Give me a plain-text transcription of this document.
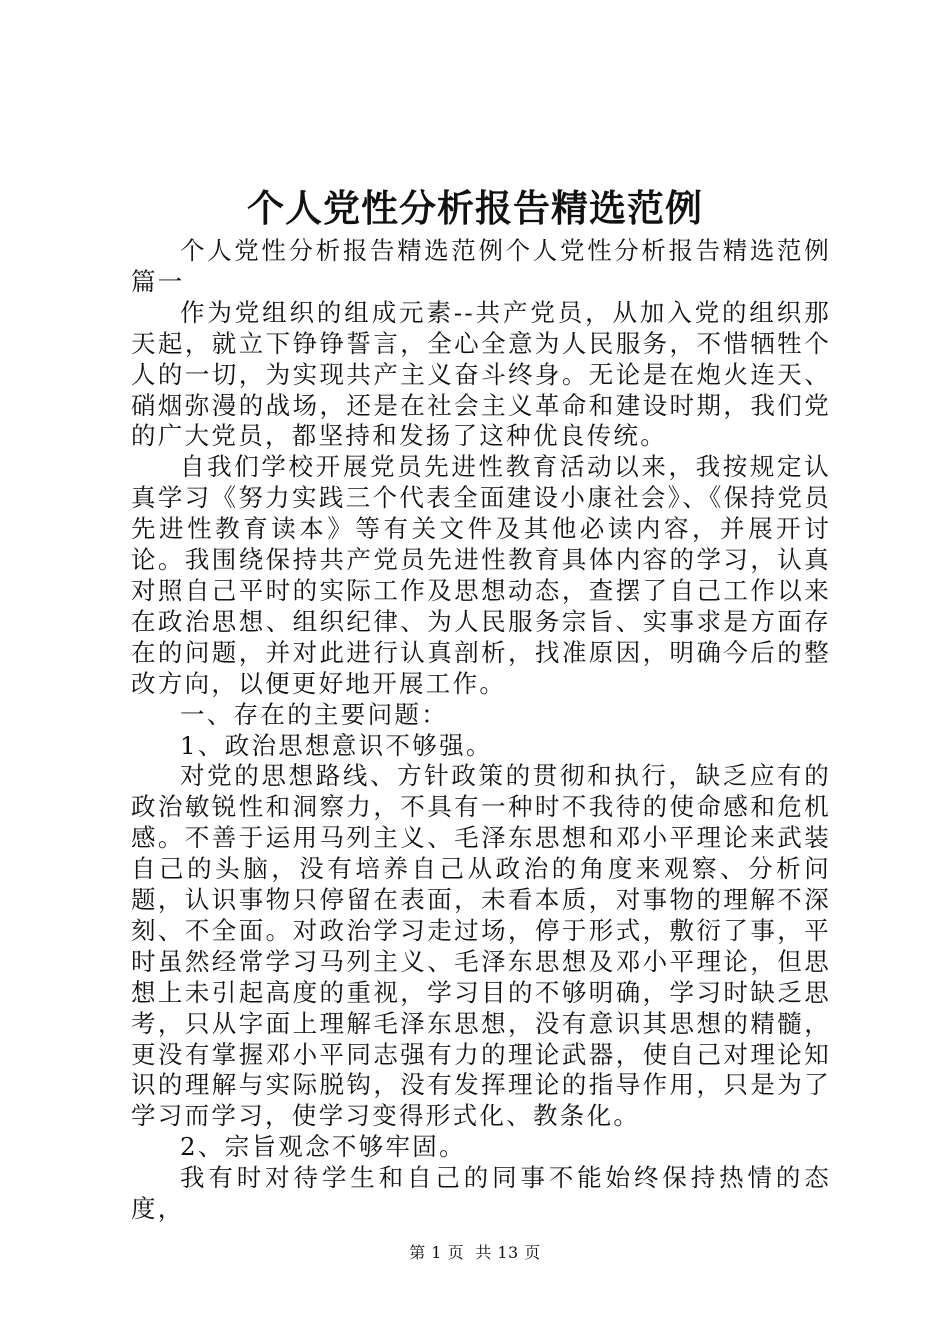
个人党性分析报告精选范例

个人党性分析报告精选范例个人党性分析报告精选范例篇一

作为党组织的组成元素--共产党员，从加入党的组织那天起，就立下铮铮誓言，全心全意为人民服务，不惜牺牲个人的一切，为实现共产主义奋斗终身。无论是在炮火连天、硝烟弥漫的战场，还是在社会主义革命和建设时期，我们党的广大党员，都坚持和发扬了这种优良传统。

自我们学校开展党员先进性教育活动以来，我按规定认真学习《努力实践三个代表全面建设小康社会》、《保持党员先进性教育读本》等有关文件及其他必读内容，并展开讨论。我围绕保持共产党员先进性教育具体内容的学习，认真对照自己平时的实际工作及思想动态，查摆了自己工作以来在政治思想、组织纪律、为人民服务宗旨、实事求是方面存在的问题，并对此进行认真剖析，找准原因，明确今后的整改方向，以便更好地开展工作。

一、存在的主要问题：

1、政治思想意识不够强。

对党的思想路线、方针政策的贯彻和执行，缺乏应有的政治敏锐性和洞察力，不具有一种时不我待的使命感和危机感。不善于运用马列主义、毛泽东思想和邓小平理论来武装自己的头脑，没有培养自己从政治的角度来观察、分析问题，认识事物只停留在表面，未看本质，对事物的理解不深刻、不全面。对政治学习走过场，停于形式，敷衍了事，平时虽然经常学习马列主义、毛泽东思想及邓小平理论，但思想上未引起高度的重视，学习目的不够明确，学习时缺乏思考，只从字面上理解毛泽东思想，没有意识其思想的精髓，更没有掌握邓小平同志强有力的理论武器，使自己对理论知识的理解与实际脱钩，没有发挥理论的指导作用，只是为了学习而学习，使学习变得形式化、教条化。

2、宗旨观念不够牢固。

我有时对待学生和自己的同事不能始终保持热情的态度，

第 1 页  共 13 页
